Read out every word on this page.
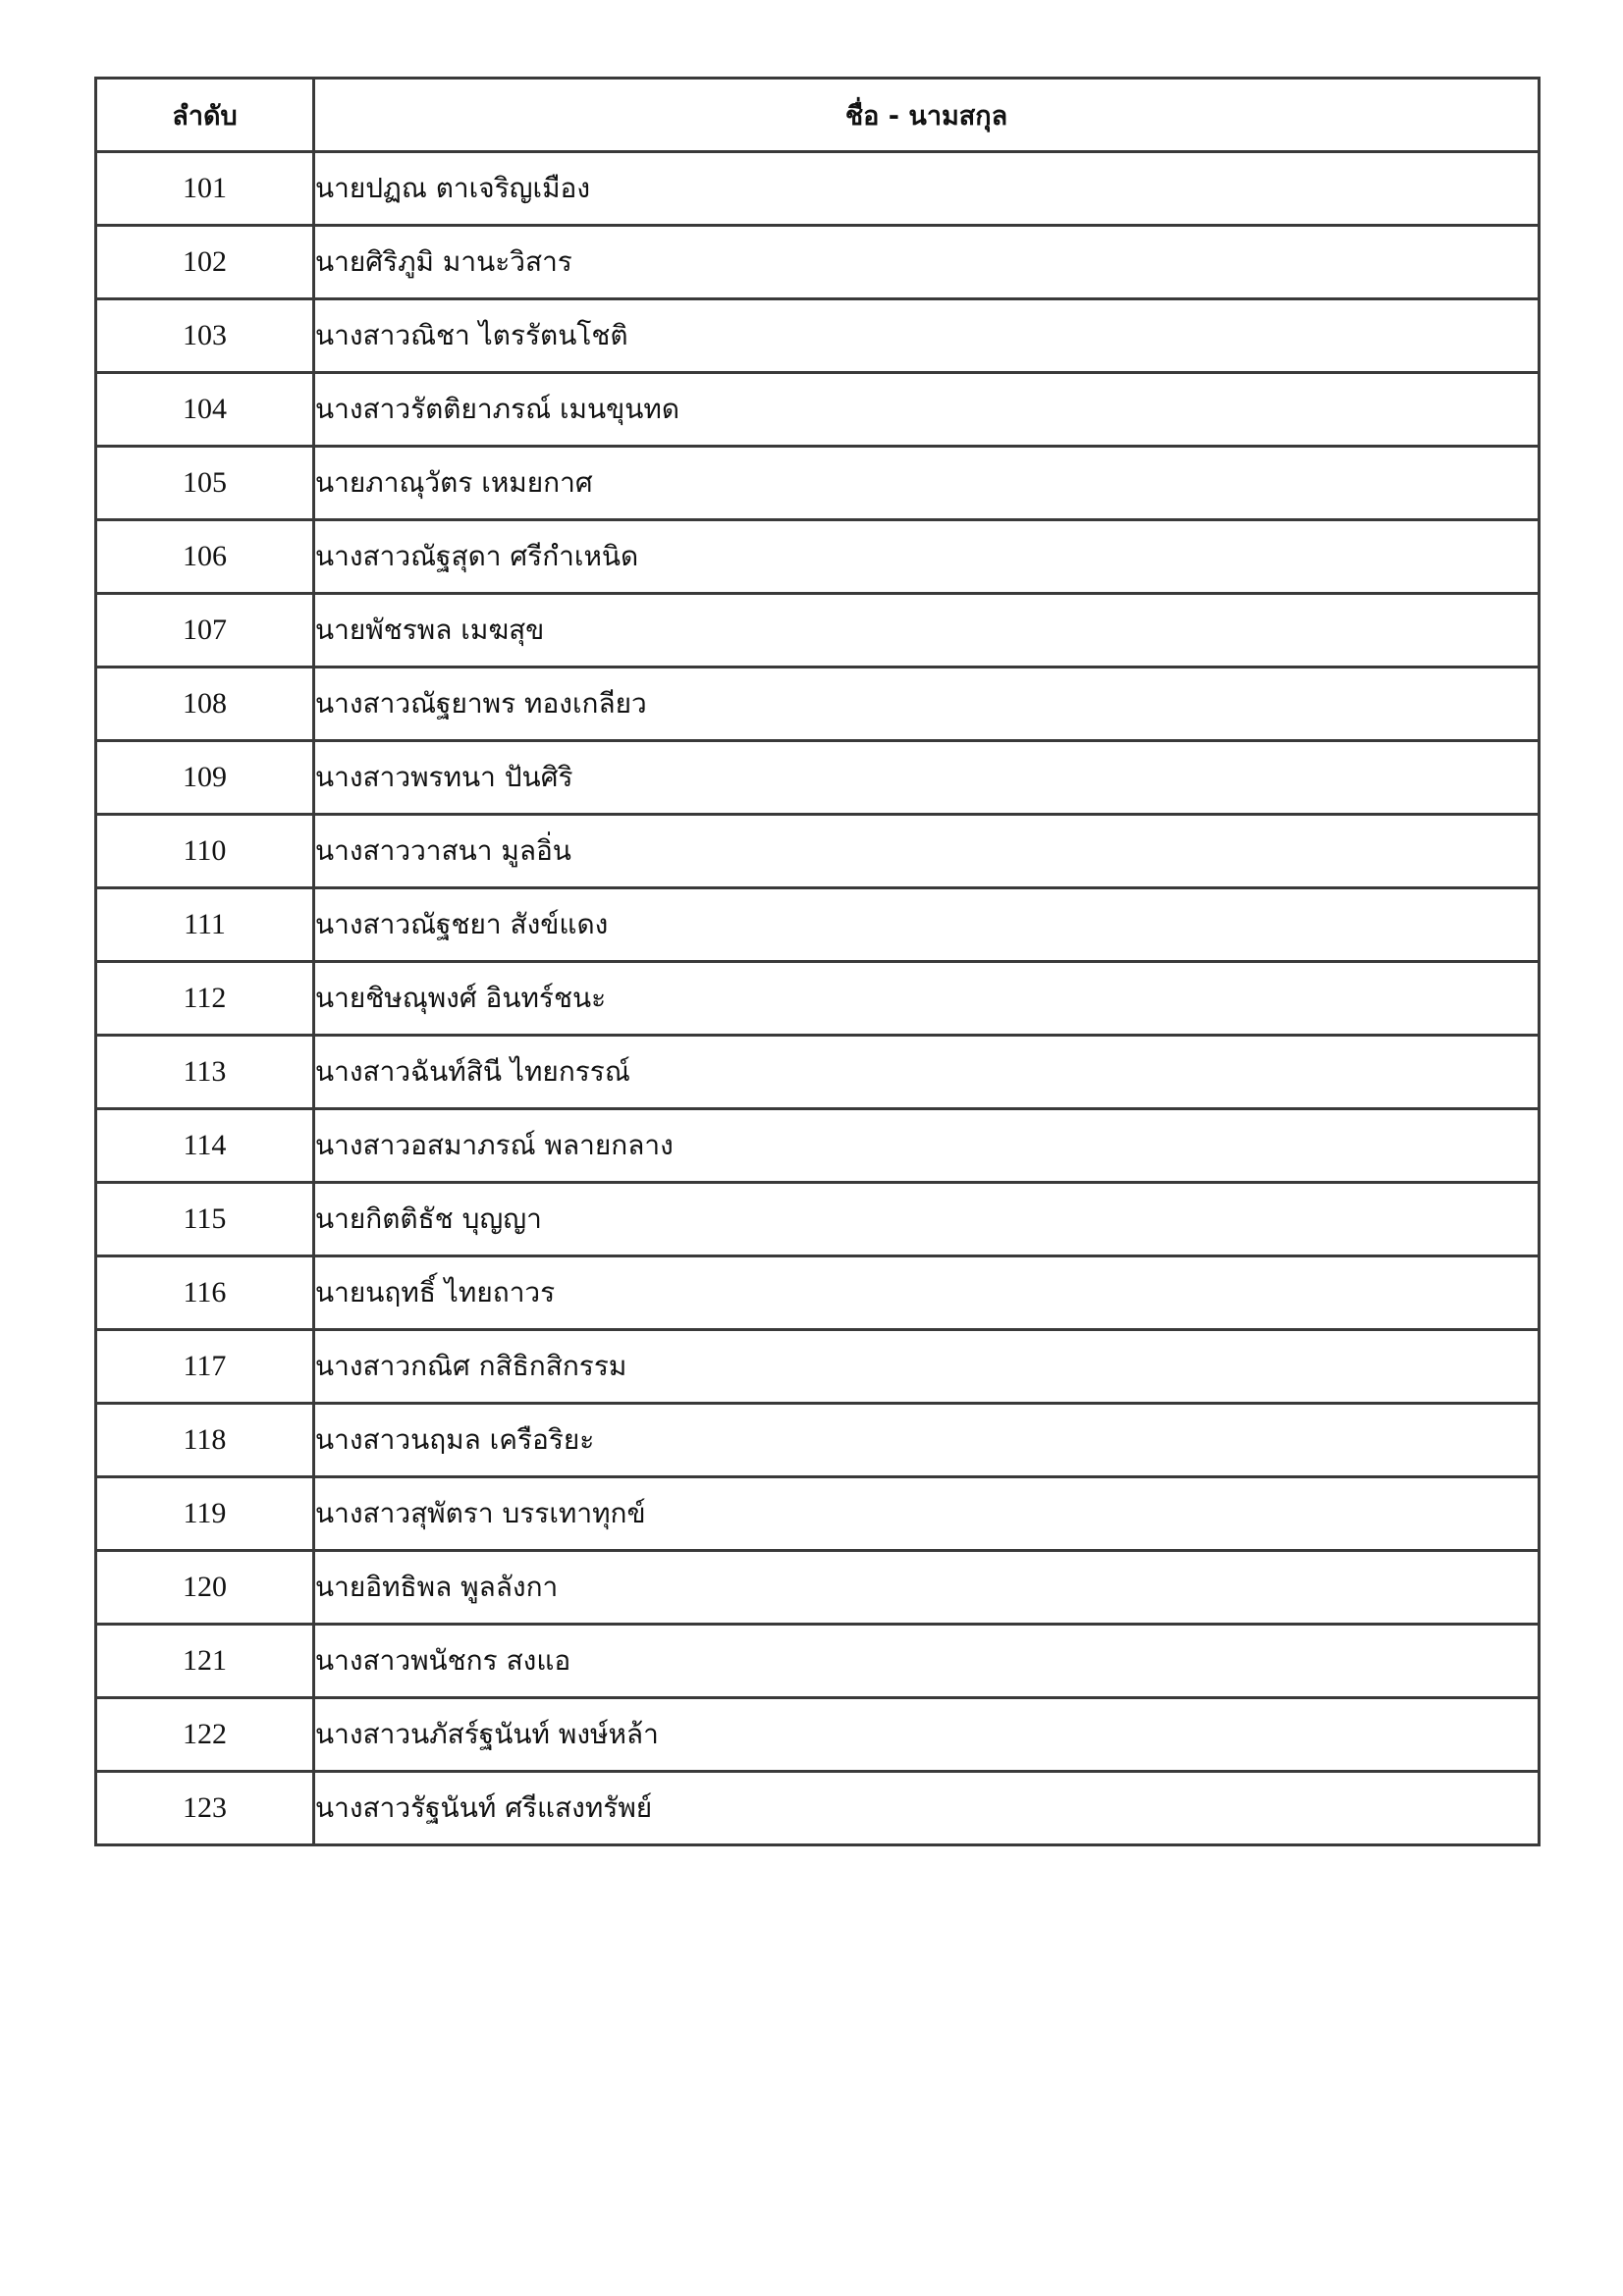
ลำดับ	ชื่อ - นามสกุล
101	นายปฏณ ตาเจริญเมือง
102	นายศิริภูมิ มานะวิสาร
103	นางสาวณิชา ไตรรัตนโชติ
104	นางสาวรัตติยาภรณ์ เมนขุนทด
105	นายภาณุวัตร เหมยกาศ
106	นางสาวณัฐสุดา ศรีกำเหนิด
107	นายพัชรพล เมฆสุข
108	นางสาวณัฐยาพร ทองเกลียว
109	นางสาวพรทนา ปันศิริ
110	นางสาววาสนา มูลอิ่น
111	นางสาวณัฐชยา สังข์แดง
112	นายชิษณุพงศ์ อินทร์ชนะ
113	นางสาวฉันท์สินี ไทยกรรณ์
114	นางสาวอสมาภรณ์ พลายกลาง
115	นายกิตติธัช บุญญา
116	นายนฤทธิ์ ไทยถาวร
117	นางสาวกณิศ กสิธิกสิกรรม
118	นางสาวนฤมล เครือริยะ
119	นางสาวสุพัตรา บรรเทาทุกข์
120	นายอิทธิพล พูลลังกา
121	นางสาวพนัชกร สงแอ
122	นางสาวนภัสร์ฐนันท์ พงษ์หล้า
123	นางสาวรัฐนันท์ ศรีแสงทรัพย์
